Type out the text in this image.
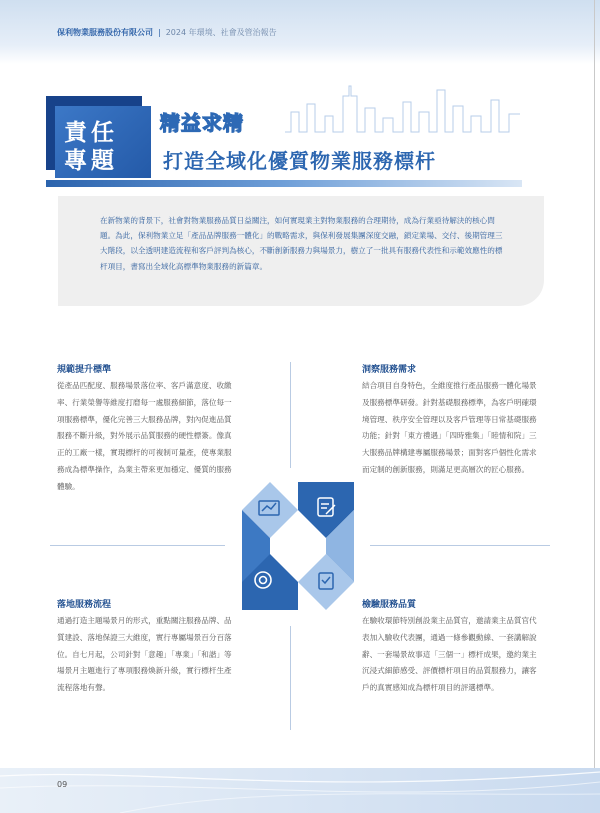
保利物業服務股份有限公司 | 2024 年環境、社會及管治報告
責任
專題
精益求精
打造全域化優質物業服務標杆

在新物業的背景下，社會對物業服務品質日益關注，如何實現業主對物業服務的合理期待，成為行業亟待解決的核心問題。為此，保利物業立足「產品品牌服務一體化」的戰略需求，與保利發展集團深度交融，鎖定業場、交付、後期管理三大階段，以全透明建造流程和客戶評判為核心，不斷創新服務力與場景力，樹立了一批具有服務代表性和示範效應性的標杆項目，書寫出全域化高標準物業服務的新篇章。

規範提升標準

從產品匹配度、服務場景落位率、客戶滿意度、收繳率、行業榮譽等維度打磨每一處服務細節，落位每一項服務標準，優化完善三大服務品牌，對內促進品質服務不斷升級，對外展示品質服務的硬性標簽。像真正的工廠一樣，實現標杆的可複制可量產，使專業服務成為標準操作，為業主帶來更加穩定、優質的服務體驗。

洞察服務需求

結合項目自身特色，全維度推行產品服務一體化場景及服務標準研發。針對基礎服務標準，為客戶明確環境管理、秩序安全管理以及客戶管理等日常基礎服務功能；針對「東方禮遇」「四時雅集」「睦情和院」三大服務品牌構建專屬服務場景；面對客戶個性化需求而定制的創新服務，則滿足更高層次的匠心服務。

落地服務流程

通過打造主題場景月的形式，重點關注服務品牌、品質建設、落地保證三大維度，實行專屬場景百分百落位。自七月起，公司針對「意趣」「專業」「和諧」等場景月主題進行了專項服務煥新升級，實行標杆生產流程落地有聲。

檢驗服務品質

在驗收環節特別創設業主品質官，邀請業主品質官代表加入驗收代表團，通過一條參觀動線、一套講解說辭、一套場景故事這「三個一」標杆成果，邀約業主沉浸式細節感受、評價標杆項目的品質服務力，讓客戶的真實感知成為標杆項目的評選標準。

09
